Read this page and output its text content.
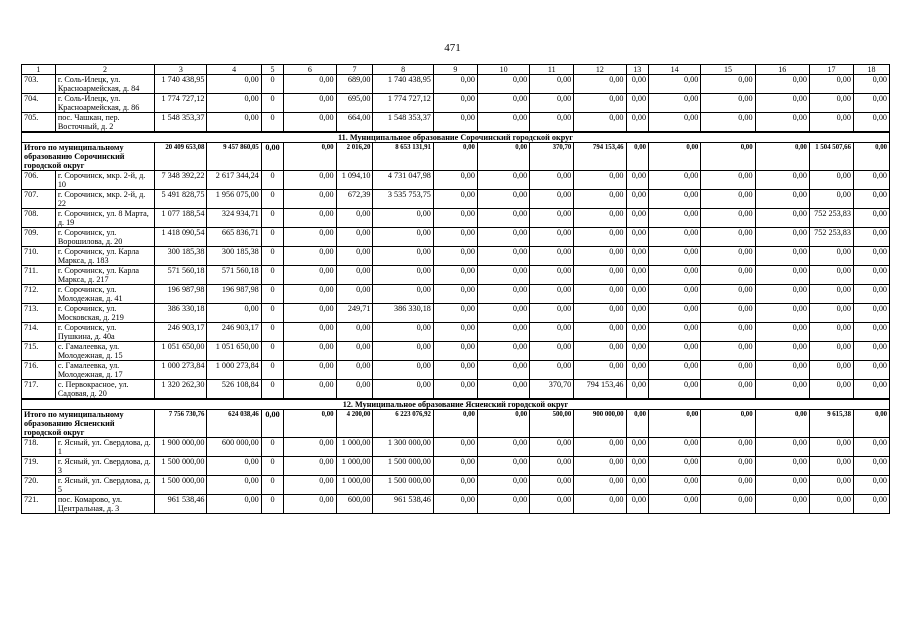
471
1	2	3	4	5	6	7	8	9	10	11	12	13	14	15	16	17	18
703.	г. Соль-Илецк, ул. Красноармейская, д. 84	1 740 438,95	0,00	0	0,00	689,00	1 740 438,95	0,00	0,00	0,00	0,00	0,00	0,00	0,00	0,00	0,00	0,00
704.	г. Соль-Илецк, ул. Красноармейская, д. 86	1 774 727,12	0,00	0	0,00	695,00	1 774 727,12	0,00	0,00	0,00	0,00	0,00	0,00	0,00	0,00	0,00	0,00
705.	пос. Чашкан, пер. Восточный, д. 2	1 548 353,37	0,00	0	0,00	664,00	1 548 353,37	0,00	0,00	0,00	0,00	0,00	0,00	0,00	0,00	0,00	0,00
11. Муниципальное образование Сорочинский городской округ																	
Итого по муниципальному образованию Сорочинский городской округ		20 409 653,08	9 457 860,05	0,00	0,00	2 016,20	8 653 131,91	0,00	0,00	370,70	794 153,46	0,00	0,00	0,00	0,00	1 504 507,66	0,00
706.	г. Сорочинск, мкр. 2-й, д. 10	7 348 392,22	2 617 344,24	0	0,00	1 094,10	4 731 047,98	0,00	0,00	0,00	0,00	0,00	0,00	0,00	0,00	0,00	0,00
707.	г. Сорочинск, мкр. 2-й, д. 22	5 491 828,75	1 956 075,00	0	0,00	672,39	3 535 753,75	0,00	0,00	0,00	0,00	0,00	0,00	0,00	0,00	0,00	0,00
708.	г. Сорочинск, ул. 8 Марта, д. 19	1 077 188,54	324 934,71	0	0,00	0,00	0,00	0,00	0,00	0,00	0,00	0,00	0,00	0,00	0,00	752 253,83	0,00
709.	г. Сорочинск, ул. Ворошилова, д. 20	1 418 090,54	665 836,71	0	0,00	0,00	0,00	0,00	0,00	0,00	0,00	0,00	0,00	0,00	0,00	752 253,83	0,00
710.	г. Сорочинск, ул. Карла Маркса, д. 183	300 185,38	300 185,38	0	0,00	0,00	0,00	0,00	0,00	0,00	0,00	0,00	0,00	0,00	0,00	0,00	0,00
711.	г. Сорочинск, ул. Карла Маркса, д. 217	571 560,18	571 560,18	0	0,00	0,00	0,00	0,00	0,00	0,00	0,00	0,00	0,00	0,00	0,00	0,00	0,00
712.	г. Сорочинск, ул. Молодежная, д. 41	196 987,98	196 987,98	0	0,00	0,00	0,00	0,00	0,00	0,00	0,00	0,00	0,00	0,00	0,00	0,00	0,00
713.	г. Сорочинск, ул. Московская, д. 219	386 330,18	0,00	0	0,00	249,71	386 330,18	0,00	0,00	0,00	0,00	0,00	0,00	0,00	0,00	0,00	0,00
714.	г. Сорочинск, ул. Пушкина, д. 40а	246 903,17	246 903,17	0	0,00	0,00	0,00	0,00	0,00	0,00	0,00	0,00	0,00	0,00	0,00	0,00	0,00
715.	с. Гамалеевка, ул. Молодежная, д. 15	1 051 650,00	1 051 650,00	0	0,00	0,00	0,00	0,00	0,00	0,00	0,00	0,00	0,00	0,00	0,00	0,00	0,00
716.	с. Гамалеевка, ул. Молодежная, д. 17	1 000 273,84	1 000 273,84	0	0,00	0,00	0,00	0,00	0,00	0,00	0,00	0,00	0,00	0,00	0,00	0,00	0,00
717.	с. Первокрасное, ул. Садовая, д. 20	1 320 262,30	526 108,84	0	0,00	0,00	0,00	0,00	0,00	370,70	794 153,46	0,00	0,00	0,00	0,00	0,00	0,00
12. Муниципальное образование Ясненский городской округ																	
Итого по муниципальному образованию Ясненский городской округ		7 756 730,76	624 038,46	0,00	0,00	4 200,00	6 223 076,92	0,00	0,00	500,00	900 000,00	0,00	0,00	0,00	0,00	9 615,38	0,00
718.	г. Ясный, ул. Свердлова, д. 1	1 900 000,00	600 000,00	0	0,00	1 000,00	1 300 000,00	0,00	0,00	0,00	0,00	0,00	0,00	0,00	0,00	0,00	0,00
719.	г. Ясный, ул. Свердлова, д. 3	1 500 000,00	0,00	0	0,00	1 000,00	1 500 000,00	0,00	0,00	0,00	0,00	0,00	0,00	0,00	0,00	0,00	0,00
720.	г. Ясный, ул. Свердлова, д. 5	1 500 000,00	0,00	0	0,00	1 000,00	1 500 000,00	0,00	0,00	0,00	0,00	0,00	0,00	0,00	0,00	0,00	0,00
721.	пос. Комарово, ул. Центральная, д. 3	961 538,46	0,00	0	0,00	600,00	961 538,46	0,00	0,00	0,00	0,00	0,00	0,00	0,00	0,00	0,00	0,00
